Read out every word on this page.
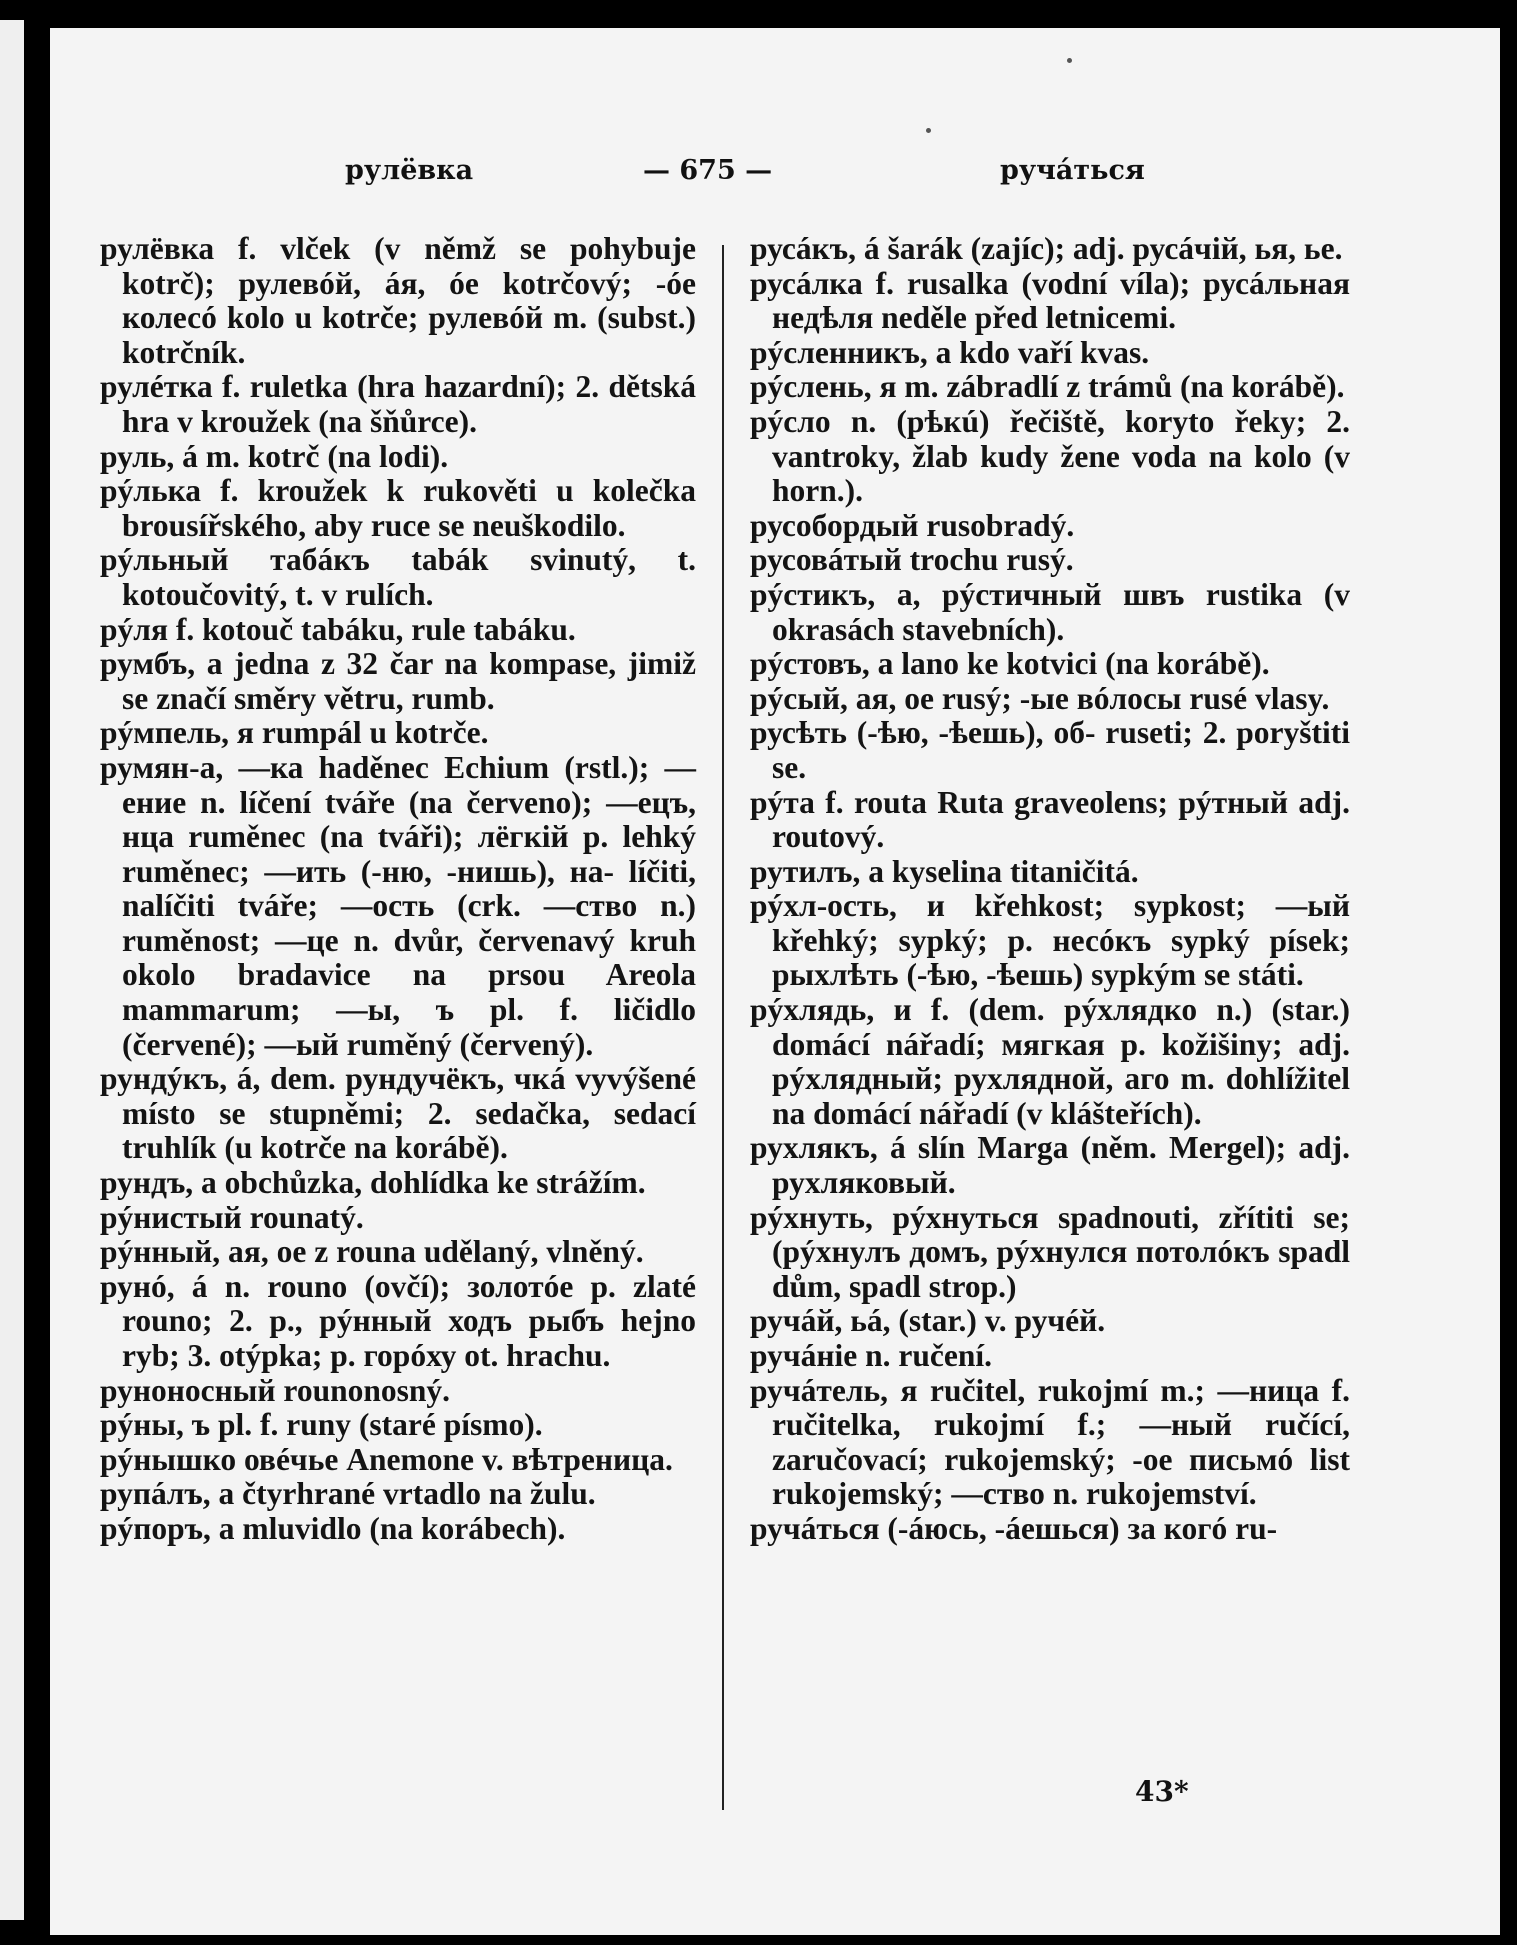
рулёвка	— 675 —	ручáться

рулёвка f. vlček (v němž se pohybuje kotrč); рулевóй, áя, óе kotrčový; -óе колесó kolo u kotrče; рулевóй m. (subst.) kotrčník.

рулéтка f. ruletka (hra hazardní); 2. dětská hra v kroužek (na šňůrce).

руль, á m. kotrč (na lodi).

рýлька f. kroužek k rukověti u kolečka brousířského, aby ruce se neuškodilo.

рýльный табáкъ tabák svinutý, t. kotoučovitý, t. v rulích.

рýля f. kotouč tabáku, rule tabáku.

румбъ, а jedna z 32 čar na kompase, jimiž se značí směry větru, rumb.

рýмпель, я rumpál u kotrče.

румян-а, —ка haděnec Echium (rstl.); —ение n. líčení tváře (na červeno); —ецъ, нца ruměnec (na tváři); лёгкій p. lehký ruměnec; —ить (-ню, -нишь), на- líčiti, nalíčiti tváře; —ость (crk. —ство n.) ruměnost; —це n. dvůr, červenavý kruh okolo bradavice na prsou Areola mammarum; —ы, ъ pl. f. ličidlo (červené); —ый ruměný (červený).

рундýкъ, á, dem. рундучёкъ, чкá vyvýšené místo se stupněmi; 2. sedačka, sedací truhlík (u kotrče na korábě).

рундъ, а obchůzka, dohlídka ke strážím.

рýнистый rounatý.

рýнный, ая, ое z rouna udělaný, vlněný.

рунó, á n. rouno (ovčí); золотóе р. zlaté rouno; 2. р., рýнный ходъ рыбъ hejno ryb; 3. otýpka; р. горóху ot. hrachu.

руноносный rounonosný.

рýны, ъ pl. f. runy (staré písmo).

рýнышко овéчье Anemone v. вѣтреница.

рупáлъ, а čtyrhrané vrtadlo na žulu.

рýпоръ, а mluvidlo (na korábech).

русáкъ, á šarák (zajíc); adj. русáчій, ья, ье.

русáлка f. rusalka (vodní víla); русáльная недѣля neděle před letnicemi.

рýсленникъ, а kdo vaří kvas.

рýслень, я m. zábradlí z trámů (na korábě).

рýсло n. (рѣкú) řečiště, koryto řeky; 2. vantroky, žlab kudy žene voda na kolo (v horn.).

русобордый rusobradý.

русовáтый trochu rusý.

рýстикъ, а, рýстичный швъ rustika (v okrasách stavebních).

рýстовъ, а lano ke kotvici (na korábě).

рýсый, ая, ое rusý; -ые вóлосы rusé vlasy.

русѣть (-ѣю, -ѣешь), об- ruseti; 2. porуštiti se.

рýта f. routa Ruta graveolens; рýтный adj. routový.

рутилъ, а kyselina titaničitá.

рýхл-ость, и křehkost; sypkost; —ый křehký; sypký; р. несóкъ sypký písek; рыхлѣть (-ѣю, -ѣешь) sypkým se státi.

рýхлядь, и f. (dem. рýхлядко n.) (star.) domácí nářadí; мягкая р. kožišiny; adj. рýхлядный; рухлядной, аго m. dohlížitel na domácí nářadí (v klášteřích).

рухлякъ, á slín Marga (něm. Mergel); adj. рухляковый.

рýхнуть, рýхнуться spadnouti, zřítiti se; (рýхнулъ домъ, рýхнулся потолóкъ spadl dům, spadl strop.)

ручáй, ьá, (star.) v. ручéй.

ручáніе n. ručení.

ручáтель, я ručitel, rukojmí m.; —ница f. ručitelka, rukojmí f.; —ный ručící, zaručovací; rukojemský; -ое письмó list rukojemský; —ство n. rukojemství.

ручáться (-áюсь, -áешься) за когó ru-

43*
